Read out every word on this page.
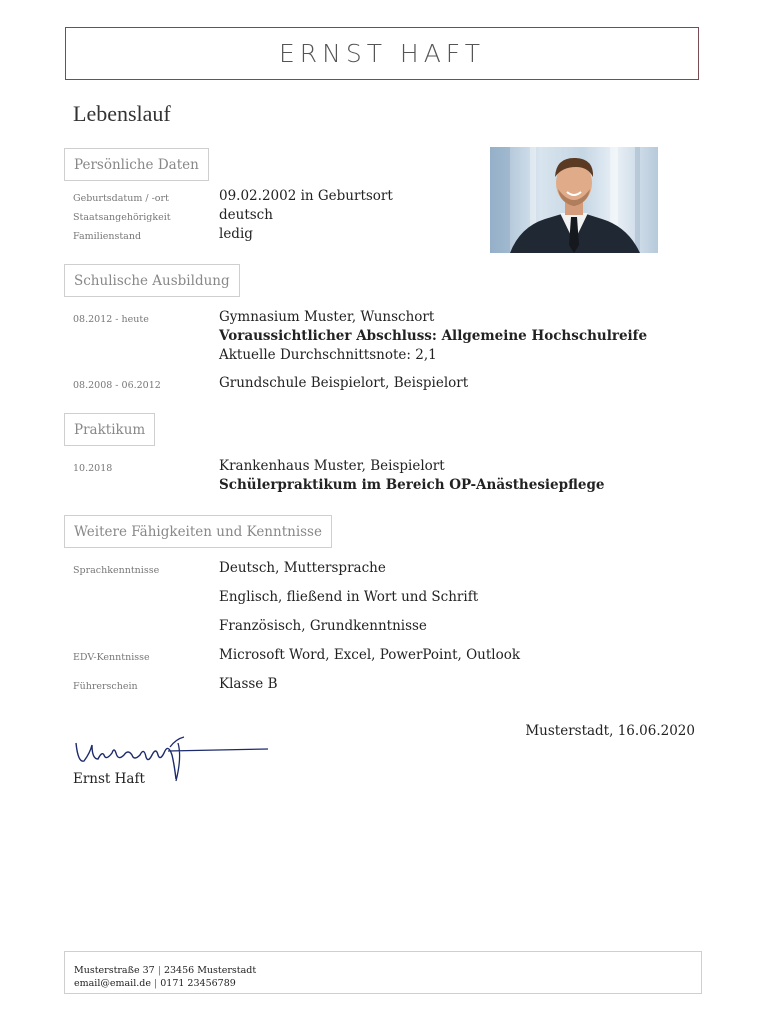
ERNST HAFT
Lebenslauf
Persönliche Daten
Geburtsdatum / -ort	09.02.2002 in Geburtsort
Staatsangehörigkeit	deutsch
Familienstand	ledig
Schulische Ausbildung
08.2012 - heute	Gymnasium Muster, Wunschort
Voraussichtlicher Abschluss: Allgemeine Hochschulreife
Aktuelle Durchschnittsnote: 2,1
08.2008 - 06.2012	Grundschule Beispielort, Beispielort
Praktikum
10.2018	Krankenhaus Muster, Beispielort
Schülerpraktikum im Bereich OP-Anästhesiepflege
Weitere Fähigkeiten und Kenntnisse
Sprachkenntnisse	Deutsch, Muttersprache
Englisch, fließend in Wort und Schrift
Französisch, Grundkenntnisse
EDV-Kenntnisse	Microsoft Word, Excel, PowerPoint, Outlook
Führerschein	Klasse B
Musterstadt, 16.06.2020
Ernst Haft
Musterstraße 37 | 23456 Musterstadt
email@email.de | 0171 23456789
